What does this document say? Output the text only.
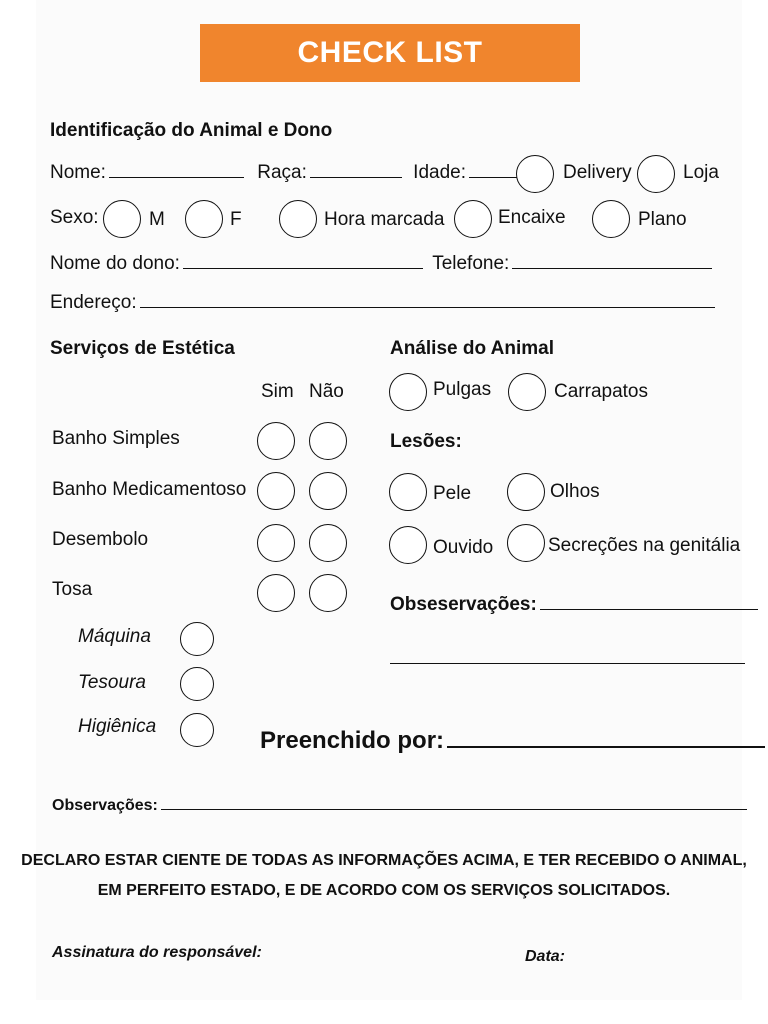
CHECK LIST
Identificação do Animal e Dono
Nome:	Raça:	Idade:	Delivery	Loja
Sexo:	M	F	Hora marcada	Encaixe	Plano
Nome do dono:	Telefone:
Endereço:
Serviços de Estética
Sim Não
Banho Simples
Banho Medicamentoso
Desembolo
Tosa
Máquina
Tesoura
Higiênica
Análise do Animal
Pulgas	Carrapatos
Lesões:
Pele	Olhos
Ouvido	Secreções na genitália
Obseservações:
Preenchido por:
Observações:
DECLARO ESTAR CIENTE DE TODAS AS INFORMAÇÕES ACIMA, E TER RECEBIDO O ANIMAL,
EM PERFEITO ESTADO, E DE ACORDO COM OS SERVIÇOS SOLICITADOS.
Assinatura do responsável:	Data:
